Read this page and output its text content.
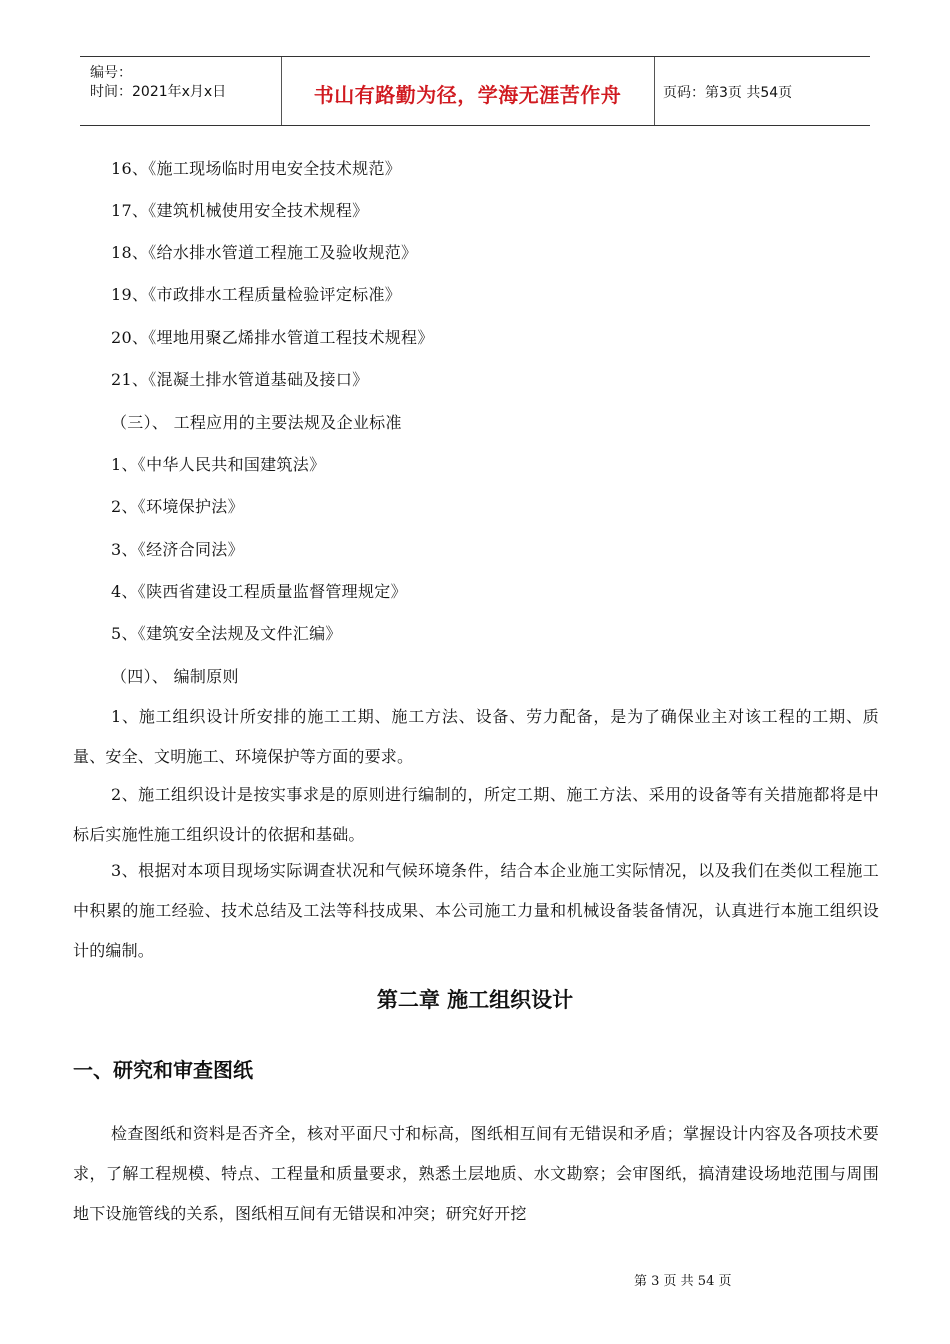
编号：
时间：2021年x月x日	书山有路勤为径，学海无涯苦作舟	页码：第3页 共54页
16、《施工现场临时用电安全技术规范》
17、《建筑机械使用安全技术规程》
18、《给水排水管道工程施工及验收规范》
19、《市政排水工程质量检验评定标准》
20、《埋地用聚乙烯排水管道工程技术规程》
21、《混凝土排水管道基础及接口》
（三）、 工程应用的主要法规及企业标准
1、《中华人民共和国建筑法》
2、《环境保护法》
3、《经济合同法》
4、《陕西省建设工程质量监督管理规定》
5、《建筑安全法规及文件汇编》
（四）、 编制原则
1、施工组织设计所安排的施工工期、施工方法、设备、劳力配备，是为了确保业主对该工程的工期、质量、安全、文明施工、环境保护等方面的要求。
2、施工组织设计是按实事求是的原则进行编制的，所定工期、施工方法、采用的设备等有关措施都将是中标后实施性施工组织设计的依据和基础。
3、根据对本项目现场实际调查状况和气候环境条件，结合本企业施工实际情况，以及我们在类似工程施工中积累的施工经验、技术总结及工法等科技成果、本公司施工力量和机械设备装备情况，认真进行本施工组织设计的编制。
第二章 施工组织设计
一、研究和审查图纸
检查图纸和资料是否齐全，核对平面尺寸和标高，图纸相互间有无错误和矛盾；掌握设计内容及各项技术要求，了解工程规模、特点、工程量和质量要求，熟悉土层地质、水文勘察；会审图纸，搞清建设场地范围与周围地下设施管线的关系，图纸相互间有无错误和冲突；研究好开挖
第 3 页 共 54 页
